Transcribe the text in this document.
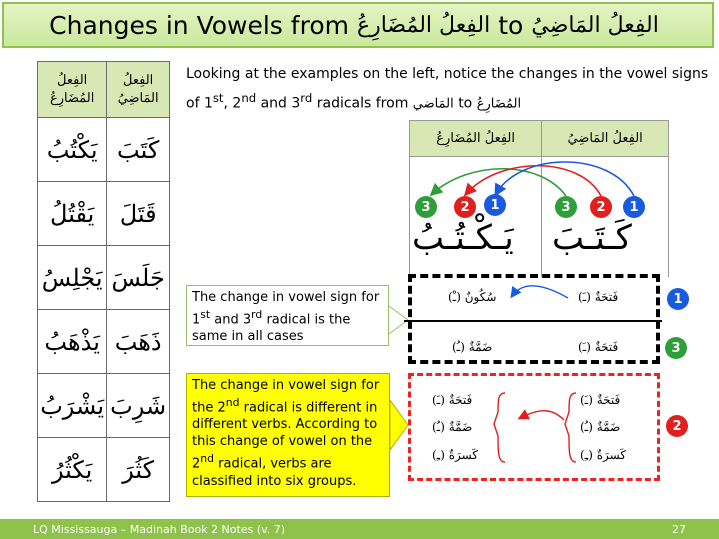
Changes in Vowels from الفِعلُ المُضَارِعُ to الفِعلُ المَاضِيُ
الفِعلُ المُضَارِعُ	الفِعلُ المَاضِيُ
يَكْتُبُ	كَتَبَ
يَقْتُلُ	قَتَلَ
يَجْلِسُ	جَلَسَ
يَذْهَبُ	ذَهَبَ
يَشْرَبُ	شَرِبَ
يَكْثُرُ	كَثُرَ
Looking at the examples on the left, notice the changes in the vowel signs
of 1st, 2nd and 3rd radicals from المَاضي to المُضَارِعُ
الفِعلُ المُضَارِعُ	الفِعلُ المَاضِيُ

3	2	1	3	2	1
يَـكْـتُـبُ كَـتَـبَ
سُكُونٌ (ـْ)	فَتحَةٌ (ـَ)	1
ضَمَّةٌ (ـُ)	فَتحَةٌ (ـَ)	3
فَتحَةٌ (ـَ)
ضَمَّةٌ (ـُ)
كَسرَةٌ (ـِ)
فَتحَةٌ (ـَ)
ضَمَّةٌ (ـُ)
كَسرَةٌ (ـِ)
2
The change in vowel sign for 1st and 3rd radical is the same in all cases
The change in vowel sign for the 2nd radical is different in different verbs. According to this change of vowel on the 2nd radical, verbs are classified into six groups.
LQ Mississauga – Madinah Book 2 Notes (v. 7)	27
